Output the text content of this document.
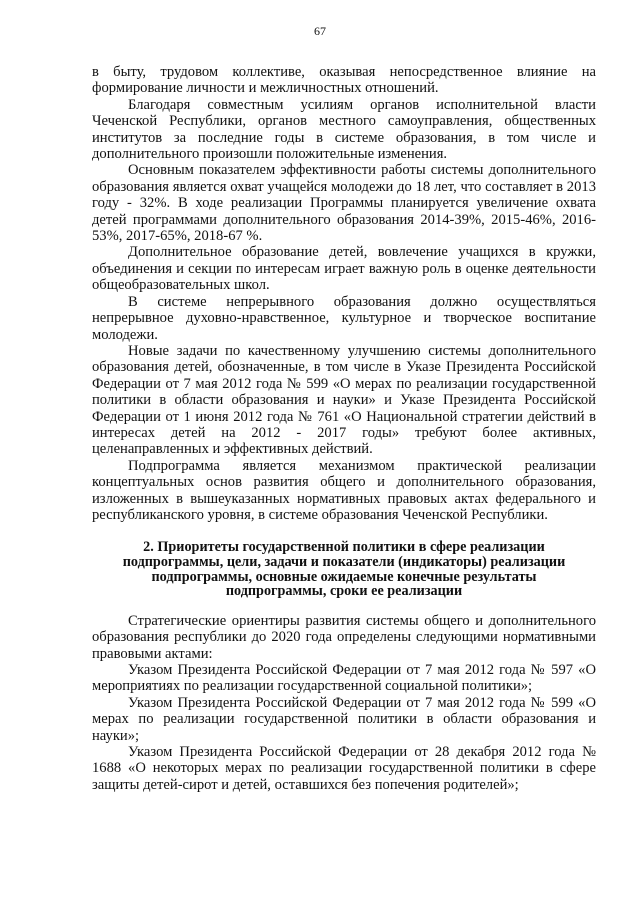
67

в быту, трудовом коллективе, оказывая непосредственное влияние на формирование личности и межличностных отношений.

Благодаря совместным усилиям органов исполнительной власти Чеченской Республики, органов местного самоуправления, общественных институтов за последние годы в системе образования, в том числе и дополнительного произошли положительные изменения.

Основным показателем эффективности работы системы дополнительного образования является охват учащейся молодежи до 18 лет, что составляет в 2013 году - 32%. В ходе реализации Программы планируется увеличение охвата детей программами дополнительного образования 2014-39%, 2015-46%, 2016-53%, 2017-65%, 2018-67 %.

Дополнительное образование детей, вовлечение учащихся в кружки, объединения и секции по интересам играет важную роль в оценке деятельности общеобразовательных школ.

В системе непрерывного образования должно осуществляться непрерывное духовно-нравственное, культурное и творческое воспитание молодежи.

Новые задачи по качественному улучшению системы дополнительного образования детей, обозначенные, в том числе в Указе Президента Российской Федерации от 7 мая 2012 года № 599 «О мерах по реализации государственной политики в области образования и науки» и Указе Президента Российской Федерации от 1 июня 2012 года № 761 «О Национальной стратегии действий в интересах детей на 2012 - 2017 годы» требуют более активных, целенаправленных и эффективных действий.

Подпрограмма является механизмом практической реализации концептуальных основ развития общего и дополнительного образования, изложенных в вышеуказанных нормативных правовых актах федерального и республиканского уровня, в системе образования Чеченской Республики.

2. Приоритеты государственной политики в сфере реализации
подпрограммы, цели, задачи и показатели (индикаторы) реализации
подпрограммы, основные ожидаемые конечные результаты
подпрограммы, сроки ее реализации

Стратегические ориентиры развития системы общего и дополнительного образования республики до 2020 года определены следующими нормативными правовыми актами:

Указом Президента Российской Федерации от 7 мая 2012 года № 597 «О мероприятиях по реализации государственной социальной политики»;

Указом Президента Российской Федерации от 7 мая 2012 года № 599 «О мерах по реализации государственной политики в области образования и науки»;

Указом Президента Российской Федерации от 28 декабря 2012 года № 1688 «О некоторых мерах по реализации государственной политики в сфере защиты детей-сирот и детей, оставшихся без попечения родителей»;
